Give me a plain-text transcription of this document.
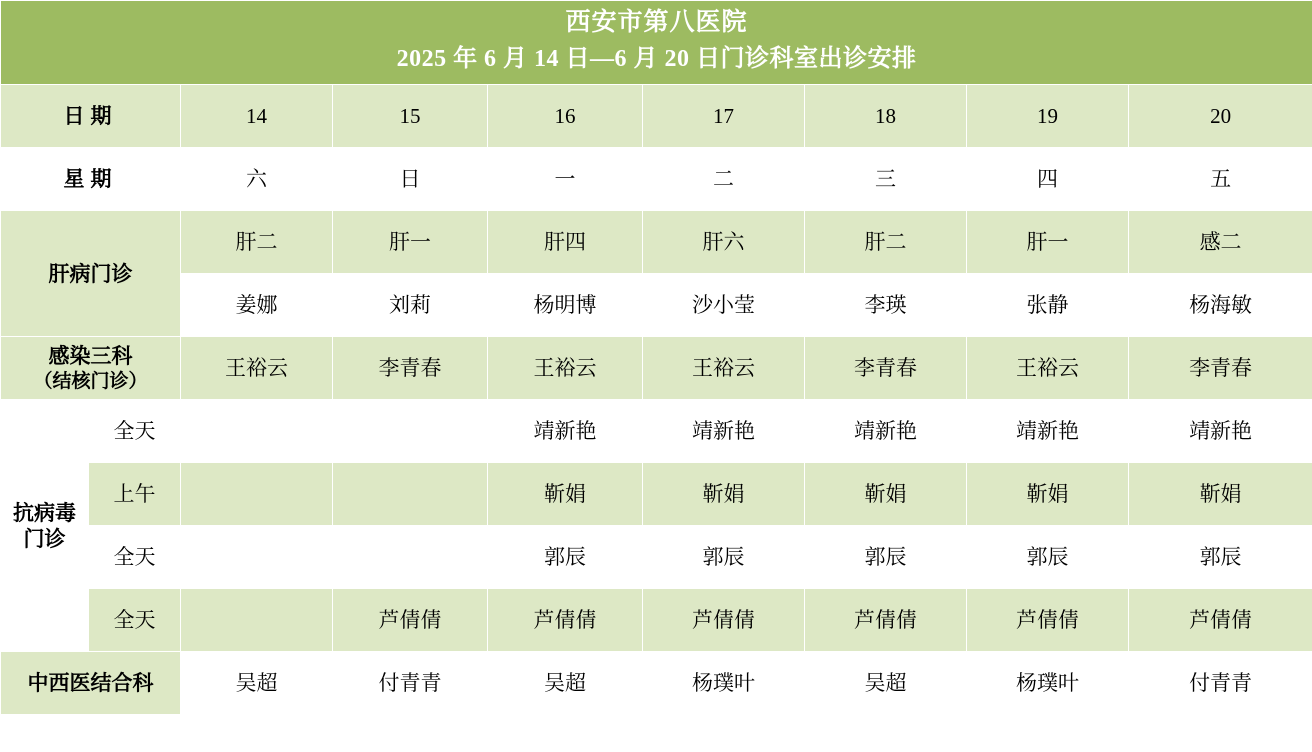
西安市第八医院
2025 年 6 月 14 日—6 月 20 日门诊科室出诊安排								

日期		14	15	16	17	18	19	20
星期		六	日	一	二	三	四	五
肝病门诊		肝二	肝一	肝四	肝六	肝二	肝一	感二
		姜娜	刘莉	杨明博	沙小莹	李瑛	张静	杨海敏
感染三科
（结核门诊）		王裕云	李青春	王裕云	王裕云	李青春	王裕云	李青春
抗病毒
门诊	全天			靖新艳	靖新艳	靖新艳	靖新艳	靖新艳
	上午			靳娟	靳娟	靳娟	靳娟	靳娟
	全天			郭辰	郭辰	郭辰	郭辰	郭辰
	全天		芦倩倩	芦倩倩	芦倩倩	芦倩倩	芦倩倩	芦倩倩
中西医结合科		吴超	付青青	吴超	杨璞叶	吴超	杨璞叶	付青青
